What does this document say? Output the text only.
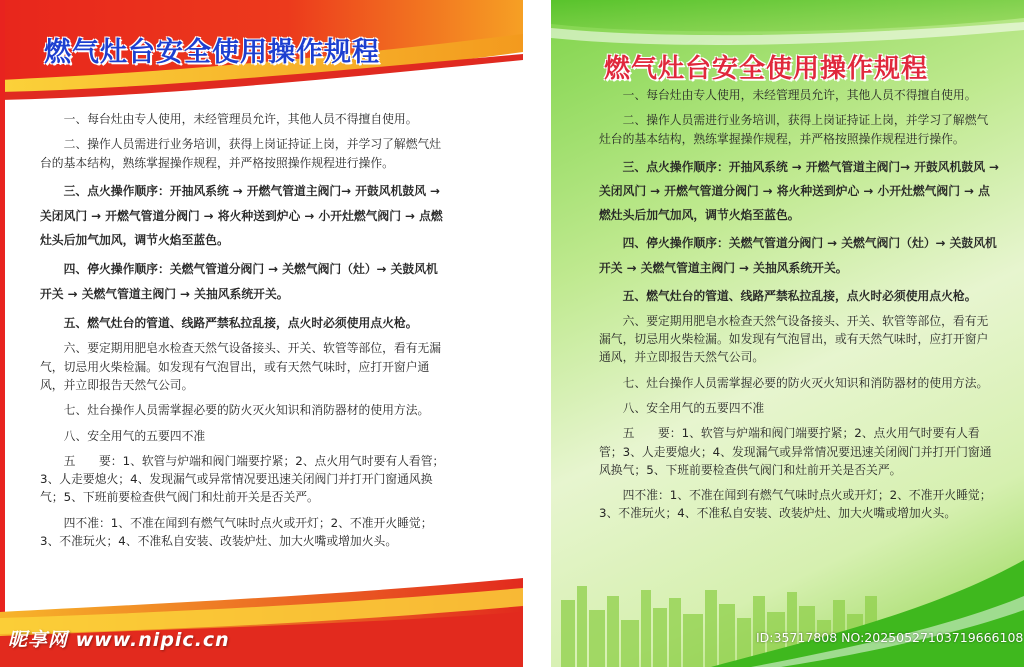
燃气灶台安全使用操作规程

一、每台灶由专人使用，未经管理员允许，其他人员不得擅自使用。

二、操作人员需进行业务培训，获得上岗证持证上岗，并学习了解燃气灶台的基本结构，熟练掌握操作规程，并严格按照操作规程进行操作。

三、点火操作顺序：开抽风系统 → 开燃气管道主阀门→ 开鼓风机鼓风 → 关闭风门 → 开燃气管道分阀门 → 将火种送到炉心 → 小开灶燃气阀门 → 点燃灶头后加气加风，调节火焰至蓝色。

四、停火操作顺序：关燃气管道分阀门 → 关燃气阀门（灶）→ 关鼓风机开关 → 关燃气管道主阀门 → 关抽风系统开关。

五、燃气灶台的管道、线路严禁私拉乱接，点火时必须使用点火枪。

六、要定期用肥皂水检查天然气设备接头、开关、软管等部位，看有无漏气，切忌用火柴检漏。如发现有气泡冒出，或有天然气味时，应打开窗户通风，并立即报告天然气公司。

七、灶台操作人员需掌握必要的防火灭火知识和消防器材的使用方法。

八、安全用气的五要四不准

五　　要：1、软管与炉端和阀门端要拧紧；2、点火用气时要有人看管；3、人走要熄火；4、发现漏气或异常情况要迅速关闭阀门并打开门窗通风换气；5、下班前要检查供气阀门和灶前开关是否关严。

四不准：1、不准在闻到有燃气气味时点火或开灯；2、不准开火睡觉；3、不准玩火；4、不准私自安装、改装炉灶、加大火嘴或增加火头。

燃气灶台安全使用操作规程

一、每台灶由专人使用，未经管理员允许，其他人员不得擅自使用。

二、操作人员需进行业务培训，获得上岗证持证上岗，并学习了解燃气灶台的基本结构，熟练掌握操作规程，并严格按照操作规程进行操作。

三、点火操作顺序：开抽风系统 → 开燃气管道主阀门→ 开鼓风机鼓风 → 关闭风门 → 开燃气管道分阀门 → 将火种送到炉心 → 小开灶燃气阀门 → 点燃灶头后加气加风，调节火焰至蓝色。

四、停火操作顺序：关燃气管道分阀门 → 关燃气阀门（灶）→ 关鼓风机开关 → 关燃气管道主阀门 → 关抽风系统开关。

五、燃气灶台的管道、线路严禁私拉乱接，点火时必须使用点火枪。

六、要定期用肥皂水检查天然气设备接头、开关、软管等部位，看有无漏气，切忌用火柴检漏。如发现有气泡冒出，或有天然气味时，应打开窗户通风，并立即报告天然气公司。

七、灶台操作人员需掌握必要的防火灭火知识和消防器材的使用方法。

八、安全用气的五要四不准

五　　要：1、软管与炉端和阀门端要拧紧；2、点火用气时要有人看管；3、人走要熄火；4、发现漏气或异常情况要迅速关闭阀门并打开门窗通风换气；5、下班前要检查供气阀门和灶前开关是否关严。

四不准：1、不准在闻到有燃气气味时点火或开灯；2、不准开火睡觉；3、不准玩火；4、不准私自安装、改装炉灶、加大火嘴或增加火头。

昵享网 www.nipic.cn	ID:35717808 NO:20250527103719666108
